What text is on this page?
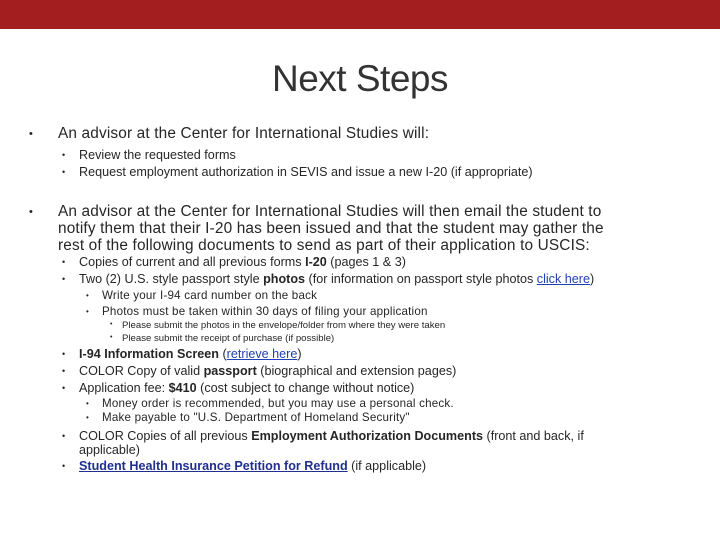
Next Steps
• An advisor at the Center for International Studies will:
• Review the requested forms
• Request employment authorization in SEVIS and issue a new I-20 (if appropriate)
• An advisor at the Center for International Studies will then email the student to
notify them that their I-20 has been issued and that the student may gather the
rest of the following documents to send as part of their application to USCIS:
• Copies of current and all previous forms I-20 (pages 1 & 3)
• Two (2) U.S. style passport style photos (for information on passport style photos click here)
• Write your I-94 card number on the back
• Photos must be taken within 30 days of filing your application
• Please submit the photos in the envelope/folder from where they were taken
• Please submit the receipt of purchase (if possible)
• I-94 Information Screen (retrieve here)
• COLOR Copy of valid passport (biographical and extension pages)
• Application fee: $410 (cost subject to change without notice)
• Money order is recommended, but you may use a personal check.
• Make payable to "U.S. Department of Homeland Security"
• COLOR Copies of all previous Employment Authorization Documents (front and back, if
applicable)
• Student Health Insurance Petition for Refund (if applicable)
